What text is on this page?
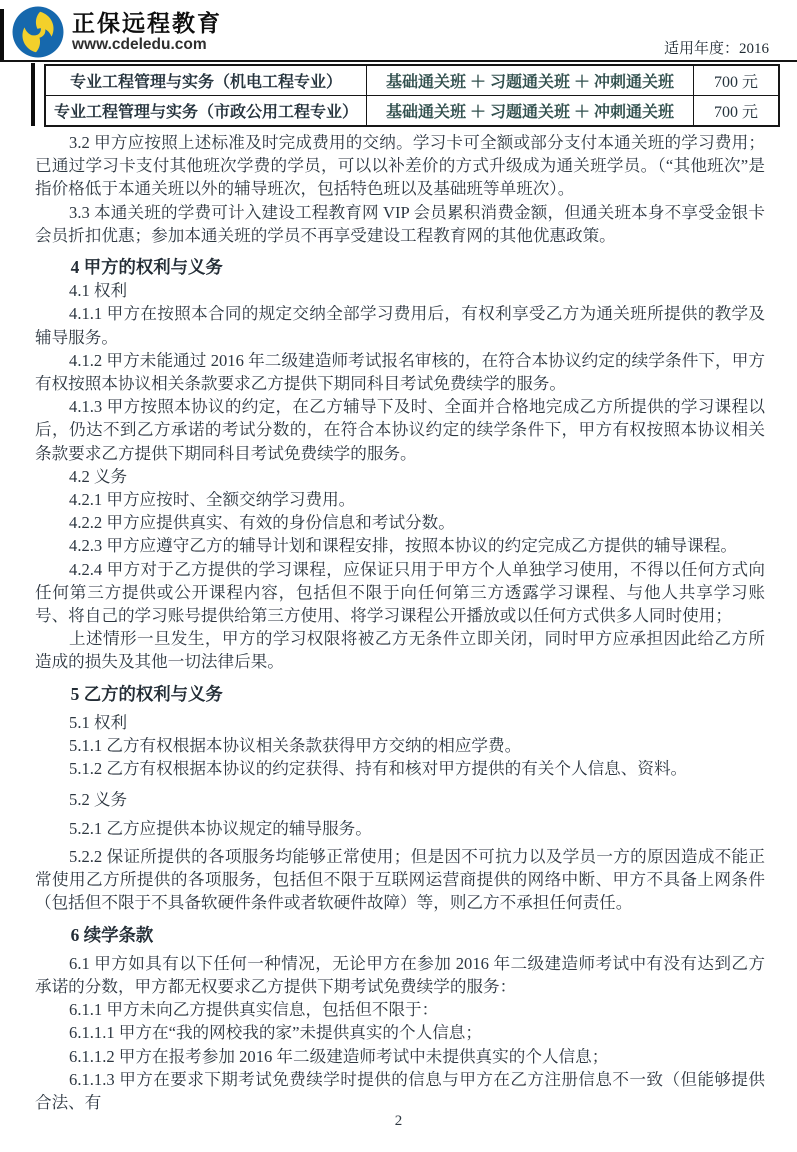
正保远程教育
www.cdeledu.com	适用年度：2016
专业工程管理与实务（机电工程专业）	基础通关班 ＋ 习题通关班 ＋ 冲刺通关班	700 元
专业工程管理与实务（市政公用工程专业）	基础通关班 ＋ 习题通关班 ＋ 冲刺通关班	700 元

3.2 甲方应按照上述标准及时完成费用的交纳。学习卡可全额或部分支付本通关班的学习费用；已通过学习卡支付其他班次学费的学员，可以以补差价的方式升级成为通关班学员。（“其他班次”是指价格低于本通关班以外的辅导班次，包括特色班以及基础班等单班次）。

3.3 本通关班的学费可计入建设工程教育网 VIP 会员累积消费金额，但通关班本身不享受金银卡会员折扣优惠；参加本通关班的学员不再享受建设工程教育网的其他优惠政策。

4 甲方的权利与义务

4.1 权利

4.1.1 甲方在按照本合同的规定交纳全部学习费用后，有权利享受乙方为通关班所提供的教学及辅导服务。

4.1.2 甲方未能通过 2016 年二级建造师考试报名审核的，在符合本协议约定的续学条件下，甲方有权按照本协议相关条款要求乙方提供下期同科目考试免费续学的服务。

4.1.3 甲方按照本协议的约定，在乙方辅导下及时、全面并合格地完成乙方所提供的学习课程以后，仍达不到乙方承诺的考试分数的，在符合本协议约定的续学条件下，甲方有权按照本协议相关条款要求乙方提供下期同科目考试免费续学的服务。

4.2 义务

4.2.1 甲方应按时、全额交纳学习费用。

4.2.2 甲方应提供真实、有效的身份信息和考试分数。

4.2.3 甲方应遵守乙方的辅导计划和课程安排，按照本协议的约定完成乙方提供的辅导课程。

4.2.4 甲方对于乙方提供的学习课程，应保证只用于甲方个人单独学习使用，不得以任何方式向任何第三方提供或公开课程内容，包括但不限于向任何第三方透露学习课程、与他人共享学习账号、将自己的学习账号提供给第三方使用、将学习课程公开播放或以任何方式供多人同时使用；

上述情形一旦发生，甲方的学习权限将被乙方无条件立即关闭，同时甲方应承担因此给乙方所造成的损失及其他一切法律后果。

5 乙方的权利与义务

5.1 权利

5.1.1 乙方有权根据本协议相关条款获得甲方交纳的相应学费。

5.1.2 乙方有权根据本协议的约定获得、持有和核对甲方提供的有关个人信息、资料。

5.2 义务

5.2.1 乙方应提供本协议规定的辅导服务。

5.2.2 保证所提供的各项服务均能够正常使用；但是因不可抗力以及学员一方的原因造成不能正常使用乙方所提供的各项服务，包括但不限于互联网运营商提供的网络中断、甲方不具备上网条件（包括但不限于不具备软硬件条件或者软硬件故障）等，则乙方不承担任何责任。

6 续学条款

6.1 甲方如具有以下任何一种情况，无论甲方在参加 2016 年二级建造师考试中有没有达到乙方承诺的分数，甲方都无权要求乙方提供下期考试免费续学的服务：

6.1.1 甲方未向乙方提供真实信息，包括但不限于：

6.1.1.1 甲方在“我的网校我的家”未提供真实的个人信息；

6.1.1.2 甲方在报考参加 2016 年二级建造师考试中未提供真实的个人信息；

6.1.1.3 甲方在要求下期考试免费续学时提供的信息与甲方在乙方注册信息不一致（但能够提供合法、有

2
